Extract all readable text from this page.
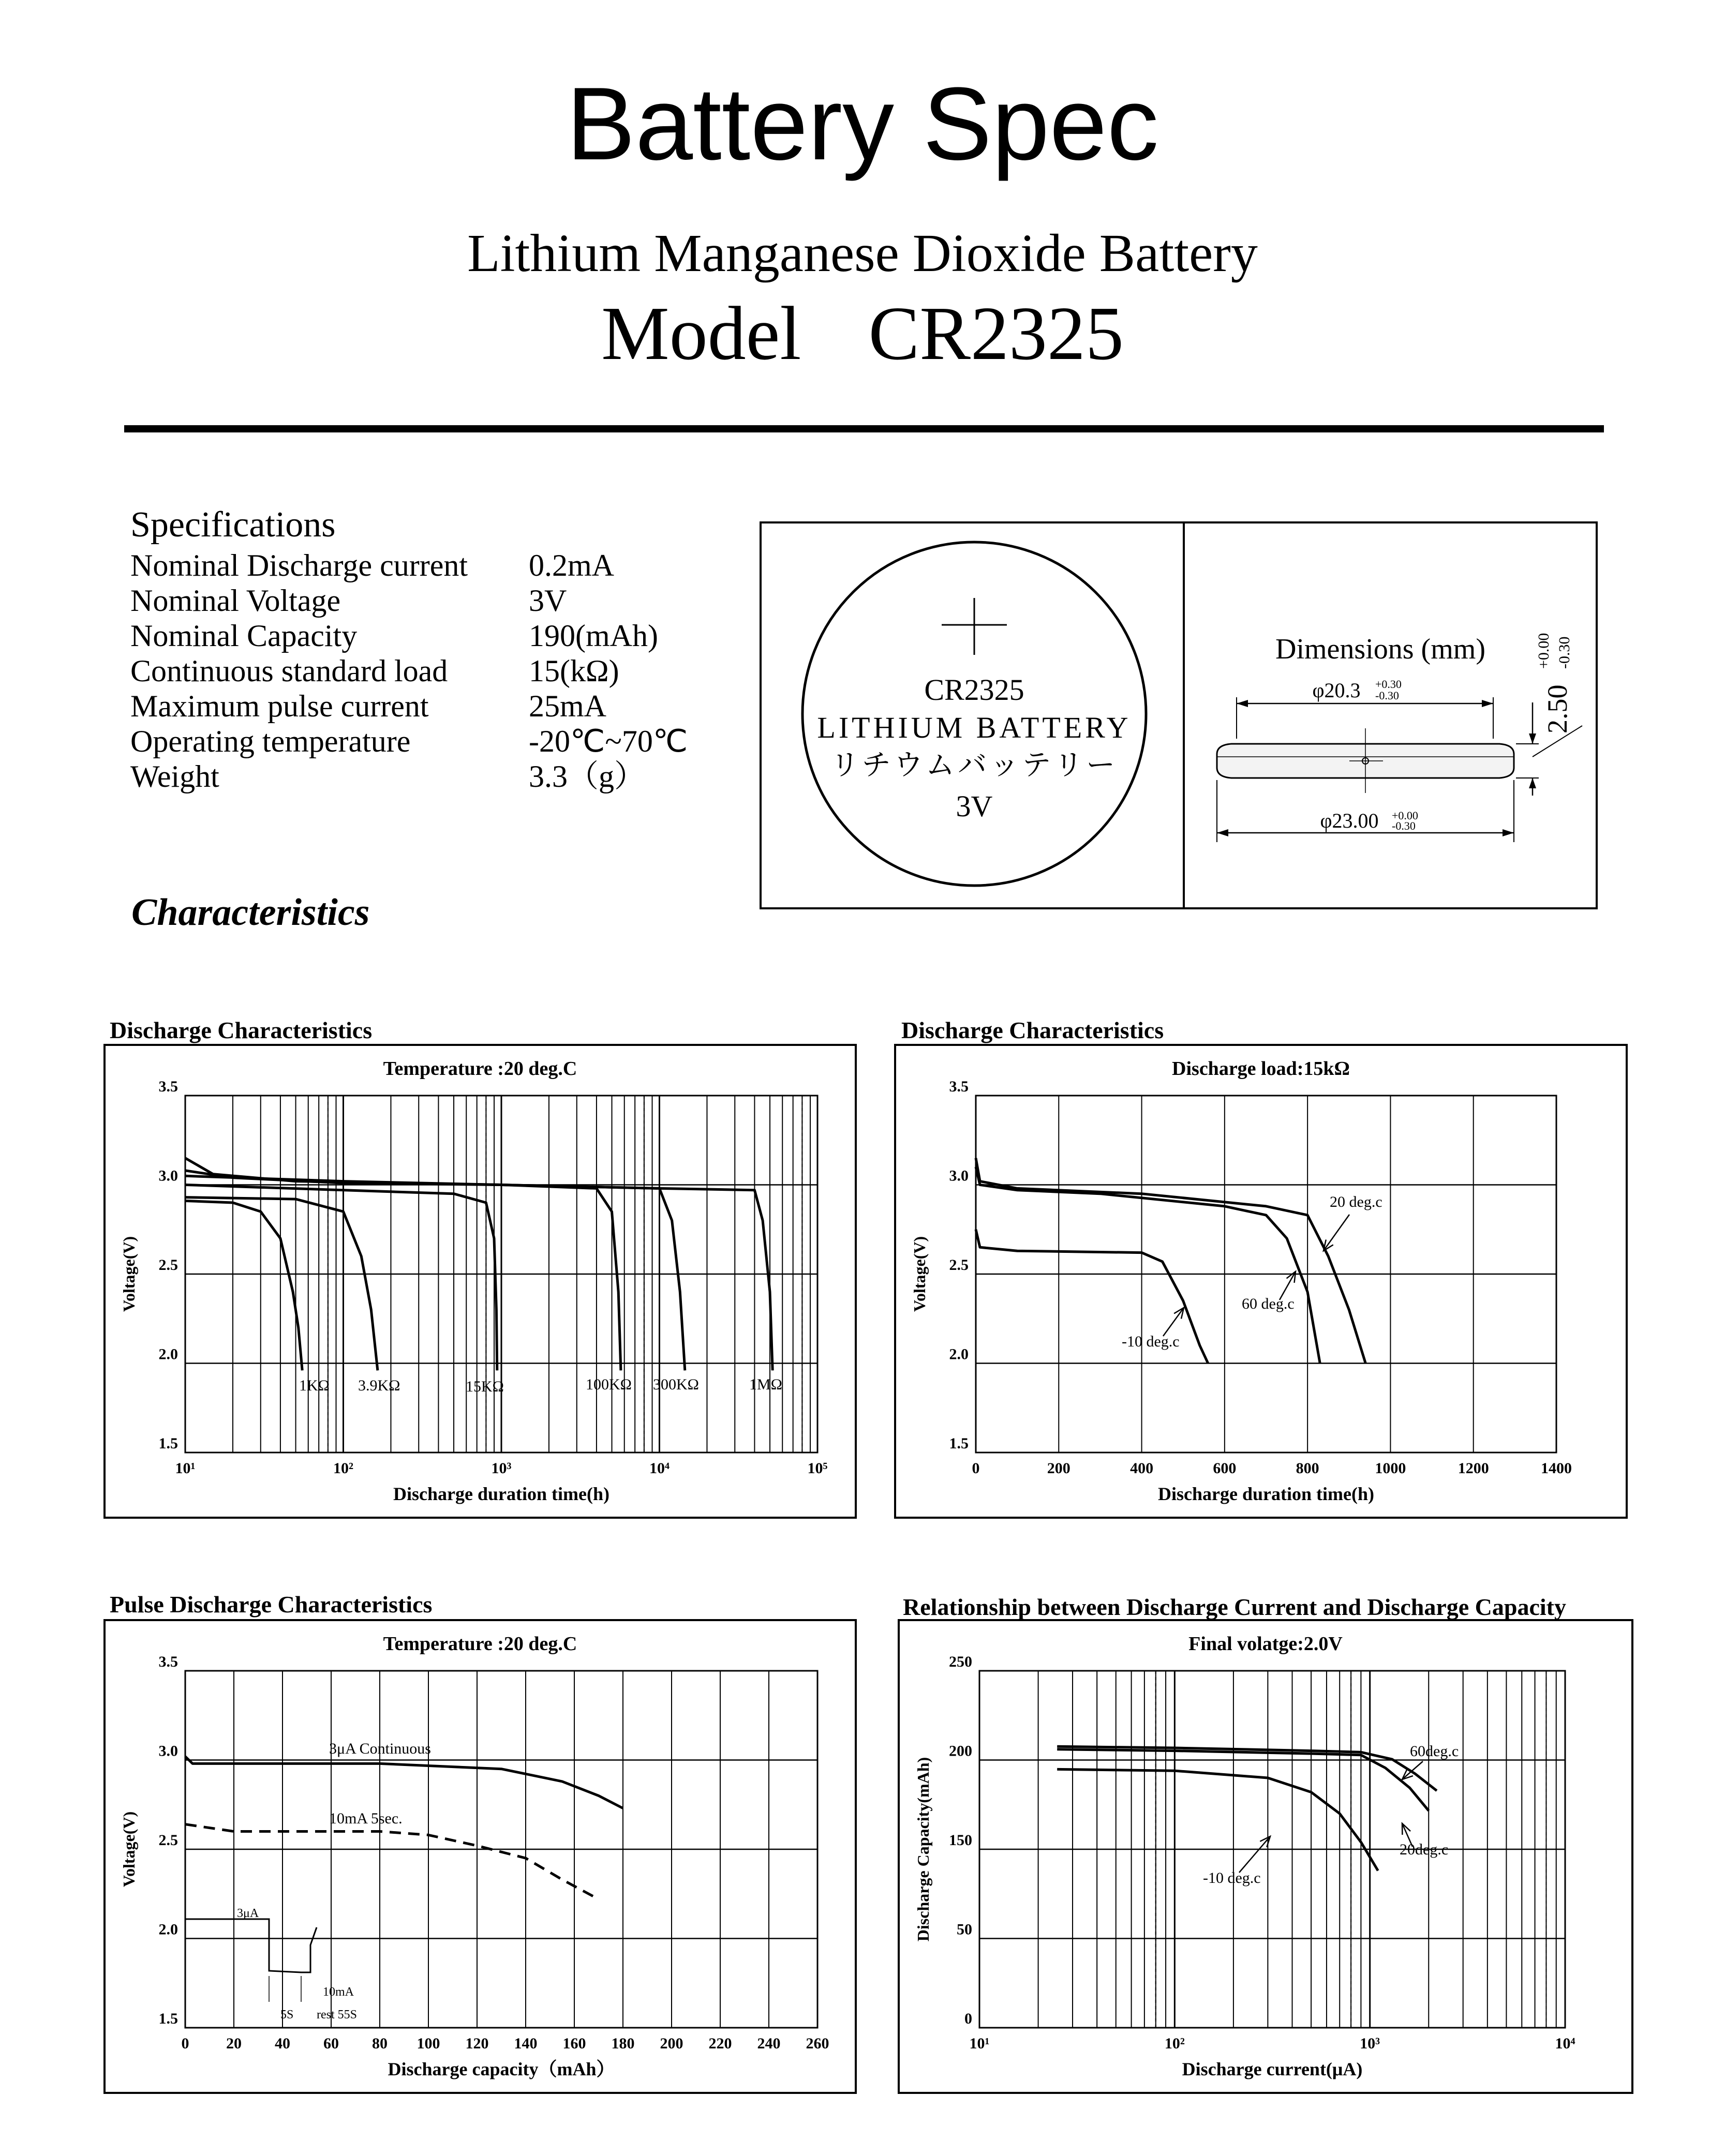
Battery Spec
Lithium Manganese Dioxide Battery
Model CR2325
Specifications
Nominal Discharge current	0.2mA
Nominal Voltage	3V
Nominal Capacity	190(mAh)
Continuous standard load	15(kΩ)
Maximum pulse current	25mA
Operating temperature	-20℃~70℃
Weight	3.3（g）
CR2325
LITHIUM BATTERY
リチウムバッテリー
3V
Dimensions (mm)
φ20.3 +0.30
-0.30
φ23.00 +0.00
-0.30
2.50
+0.00 -0.30
Characteristics
Discharge Characteristics
Temperature :20 deg.C
10¹	10²	10³	10⁴	10⁵
1.5
2.0
2.5
3.0
3.5
Discharge duration time(h)
Voltage(V)
1KΩ 3.9KΩ	15KΩ	100KΩ 300KΩ	1MΩ
Discharge Characteristics
Discharge load:15kΩ
0	200	400	600	800	1000	1200	1400
1.5
2.0
2.5
3.0
3.5
Discharge duration time(h)
Voltage(V)
20 deg.c
60 deg.c
-10 deg.c
Pulse Discharge Characteristics
Temperature :20 deg.C
0 20 40 60 80 100 120 140 160 180 200 220 240 260
1.5
2.0
2.5
3.0
3.5
Discharge capacity（mAh）
Voltage(V)
3μA Continuous
10mA 5sec.
3μA
10mA
5S rest 55S
Relationship between Discharge Current and Discharge Capacity
Final volatge:2.0V
10¹	10²	10³	10⁴
0
50
150
200
250
Discharge current(μA)
Discharge Capacity(mAh)
60deg.c
20deg.c
-10 deg.c
